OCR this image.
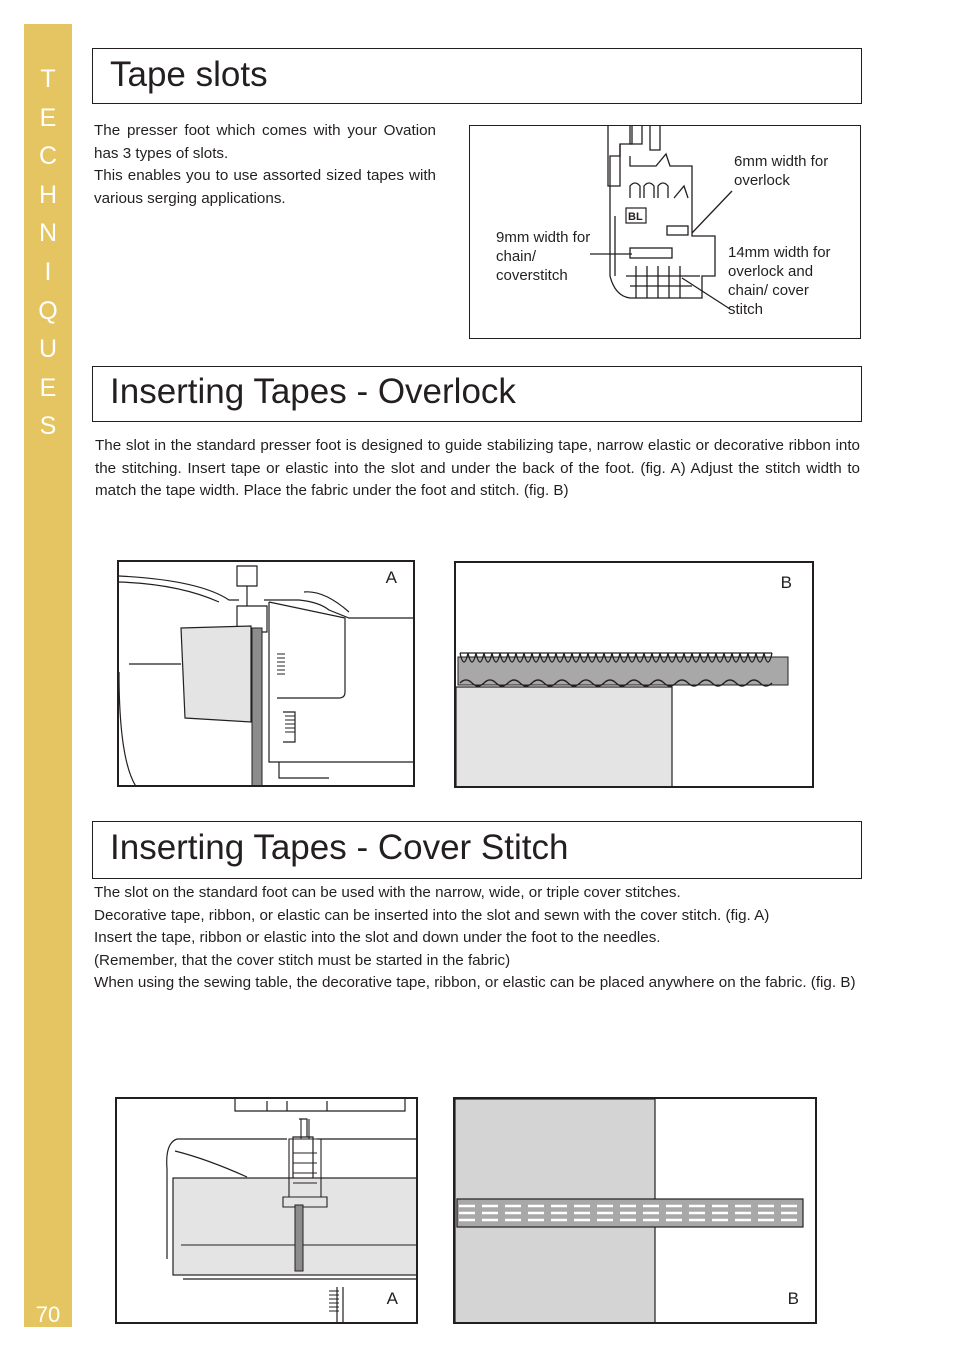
T
E
C
H
N
I
Q
U
E
S
70
Tape slots

The presser foot which comes with your Ovation has 3 types of slots.

This enables you to use assorted sized tapes with various serging applications.

BL

6mm width for overlock

9mm width for chain/ coverstitch

14mm width for overlock and chain/ cover stitch

Inserting Tapes - Overlock

The slot in the standard presser foot is designed to guide stabilizing tape, narrow elastic or decorative ribbon into the stitching. Insert tape or elastic into the slot and under the back of the foot. (fig. A) Adjust the stitch width to match the tape width. Place the fabric under the foot and stitch. (fig. B)

A	B
Inserting Tapes - Cover Stitch

The slot on the standard foot can be used with the narrow, wide, or triple cover stitches.

Decorative tape, ribbon, or elastic can be inserted into the slot and sewn with the cover stitch. (fig. A)

Insert the tape, ribbon or elastic into the slot and down under the foot to the needles.

(Remember, that the cover stitch must be started in the fabric)

When using the sewing table, the decorative tape, ribbon, or elastic can be placed anywhere on the fabric. (fig. B)

A	B
